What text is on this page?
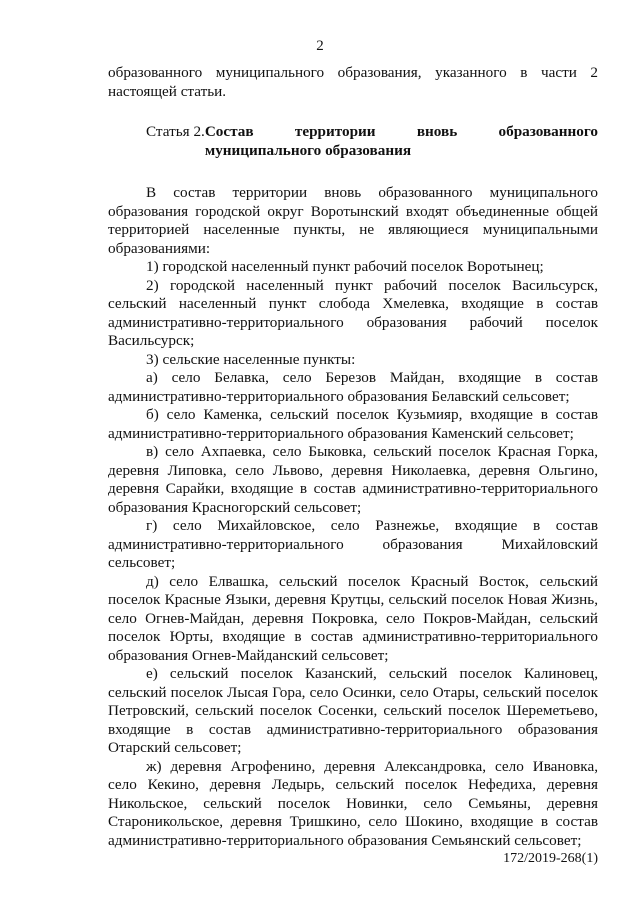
2

образованного муниципального образования, указанного в части 2 настоящей статьи.

Статья 2. Состав территории вновь образованного
муниципального образования

В состав территории вновь образованного муниципального образования городской округ Воротынский входят объединенные общей территорией населенные пункты, не являющиеся муниципальными образованиями:

1) городской населенный пункт рабочий поселок Воротынец;

2) городской населенный пункт рабочий поселок Васильсурск, сельский населенный пункт слобода Хмелевка, входящие в состав административно-территориального образования рабочий поселок Васильсурск;

3) сельские населенные пункты:

а) село Белавка, село Березов Майдан, входящие в состав административно-территориального образования Белавский сельсовет;

б) село Каменка, сельский поселок Кузьмияр, входящие в состав административно-территориального образования Каменский сельсовет;

в) село Ахпаевка, село Быковка, сельский поселок Красная Горка, деревня Липовка, село Львово, деревня Николаевка, деревня Ольгино, деревня Сарайки, входящие в состав административно-территориального образования Красногорский сельсовет;

г) село Михайловское, село Разнежье, входящие в состав административно-территориального образования Михайловский сельсовет;

д) село Елвашка, сельский поселок Красный Восток, сельский поселок Красные Языки, деревня Крутцы, сельский поселок Новая Жизнь, село Огнев-Майдан, деревня Покровка, село Покров-Майдан, сельский поселок Юрты, входящие в состав административно-территориального образования Огнев-Майданский сельсовет;

е) сельский поселок Казанский, сельский поселок Калиновец, сельский поселок Лысая Гора, село Осинки, село Отары, сельский поселок Петровский, сельский поселок Сосенки, сельский поселок Шереметьево, входящие в состав административно-территориального образования Отарский сельсовет;

ж) деревня Агрофенино, деревня Александровка, село Ивановка, село Кекино, деревня Ледырь, сельский поселок Нефедиха, деревня Никольское, сельский поселок Новинки, село Семьяны, деревня Староникольское, деревня Тришкино, село Шокино, входящие в состав административно-территориального образования Семьянский сельсовет;

172/2019-268(1)
